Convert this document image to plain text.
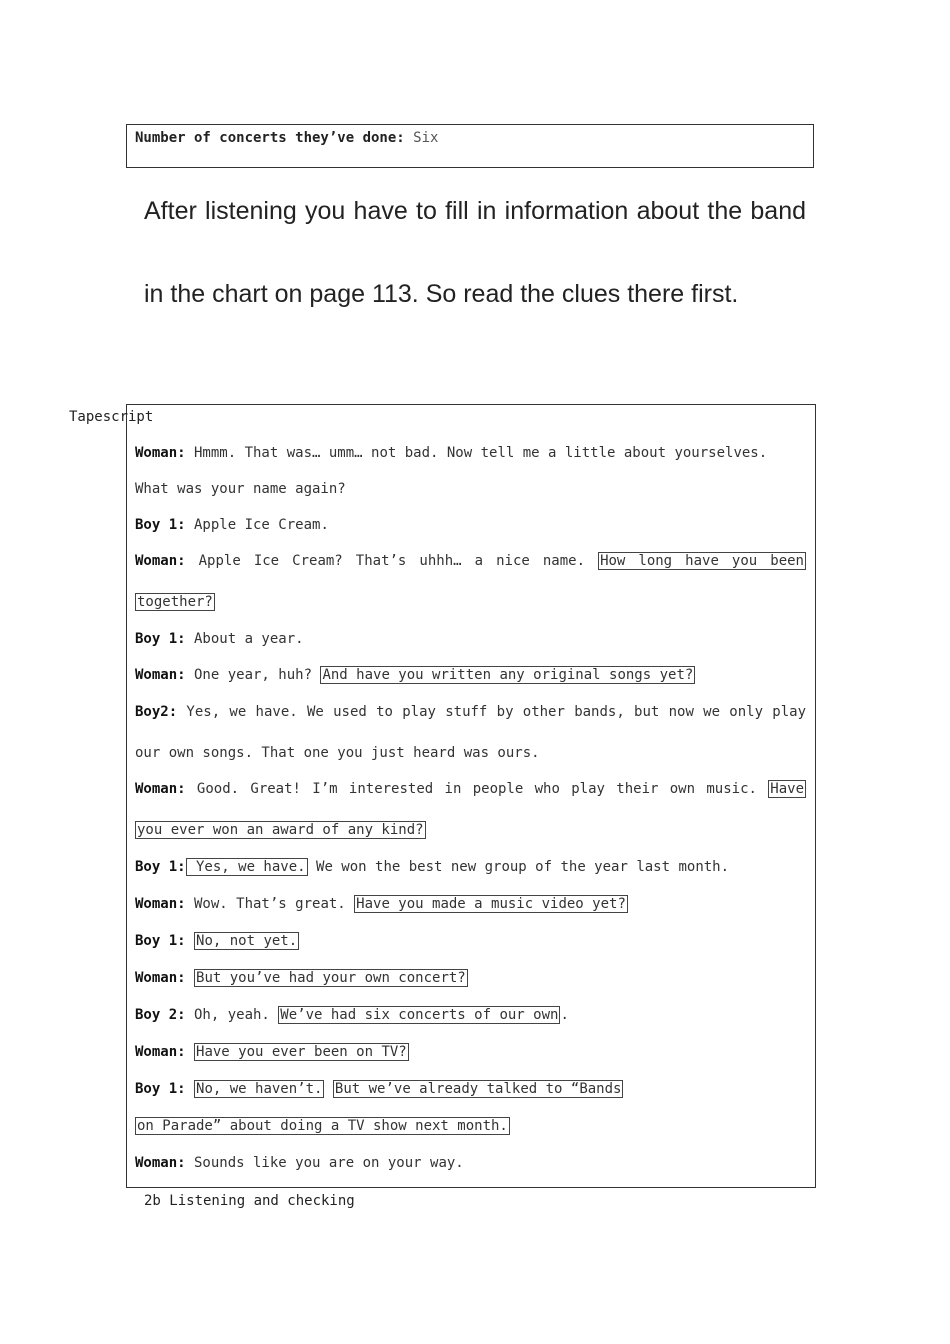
Number of concerts they’ve done: Six

After listening you have to fill in information about the band in the chart on page 113. So read the clues there first.

Tapescript
Woman: Hmmm. That was… umm… not bad. Now tell me a little about yourselves.
What was your name again?
Boy 1: Apple Ice Cream.
Woman: Apple Ice Cream? That’s uhhh… a nice name. How long have you been
together?
Boy 1: About a year.
Woman: One year, huh? And have you written any original songs yet?
Boy2: Yes, we have. We used to play stuff by other bands, but now we only play
our own songs. That one you just heard was ours.
Woman: Good. Great! I’m interested in people who play their own music. Have
you ever won an award of any kind?
Boy 1: Yes, we have. We won the best new group of the year last month.
Woman: Wow. That’s great. Have you made a music video yet?
Boy 1: No, not yet.
Woman: But you’ve had your own concert?
Boy 2: Oh, yeah. We’ve had six concerts of our own .
Woman: Have you ever been on TV?
Boy 1: No, we haven’t. But we’ve already talked to “Bands
on Parade” about doing a TV show next month.
Woman: Sounds like you are on your way.
2b Listening and checking
